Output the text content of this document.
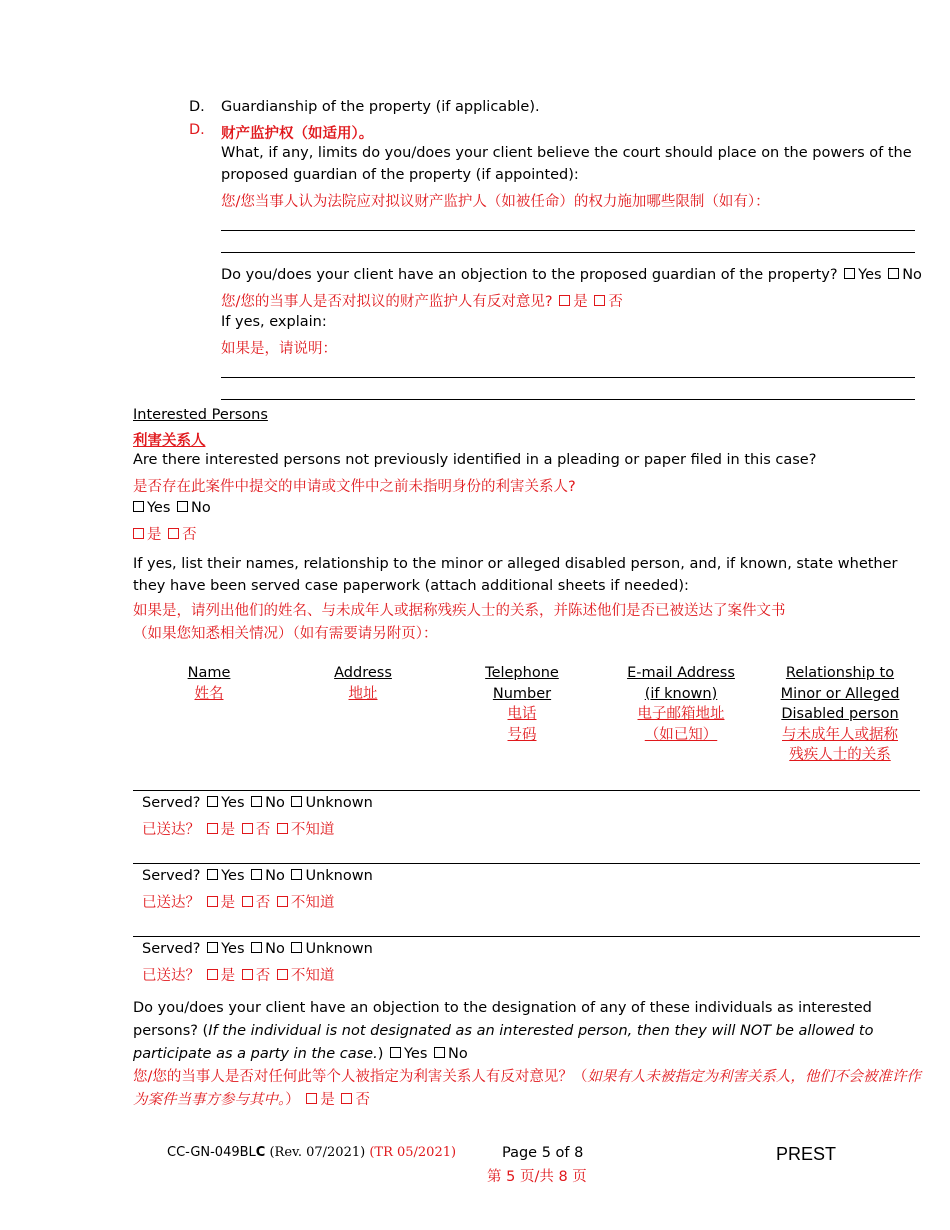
D. Guardianship of the property (if applicable).
D. 财产监护权（如适用）。
What, if any, limits do you/does your client believe the court should place on the powers of the
proposed guardian of the property (if appointed):
您/您当事人认为法院应对拟议财产监护人（如被任命）的权力施加哪些限制（如有）：
Do you/does your client have an objection to the proposed guardian of the property? Yes No
您/您的当事人是否对拟议的财产监护人有反对意见? 是 否
If yes, explain:
如果是，请说明：
Interested Persons
利害关系人
Are there interested persons not previously identified in a pleading or paper filed in this case?
是否存在此案件中提交的申请或文件中之前未指明身份的利害关系人?
Yes No
是 否
If yes, list their names, relationship to the minor or alleged disabled person, and, if known, state whether they have been served case paperwork (attach additional sheets if needed):
如果是，请列出他们的姓名、与未成年人或据称残疾人士的关系，并陈述他们是否已被送达了案件文书
（如果您知悉相关情况）（如有需要请另附页）：
Name
姓名
Address
地址
Telephone
Number
电话
号码
E-mail Address
(if known)
电子邮箱地址
（如已知）
Relationship to
Minor or Alleged
Disabled person
与未成年人或据称
残疾人士的关系
Served? Yes No Unknown
已送达？ 是 否 不知道
Served? Yes No Unknown
已送达？ 是 否 不知道
Served? Yes No Unknown
已送达？ 是 否 不知道
Do you/does your client have an objection to the designation of any of these individuals as interested persons? (If the individual is not designated as an interested person, then they will NOT be allowed to participate as a party in the case.) Yes No
您/您的当事人是否对任何此等个人被指定为利害关系人有反对意见？（如果有人未被指定为利害关系人，他们不会被准许作为案件当事方参与其中。） 是 否
CC-GN-049BLC (Rev. 07/2021) (TR 05/2021)	Page 5 of 8
第 5 页/共 8 页
PREST
